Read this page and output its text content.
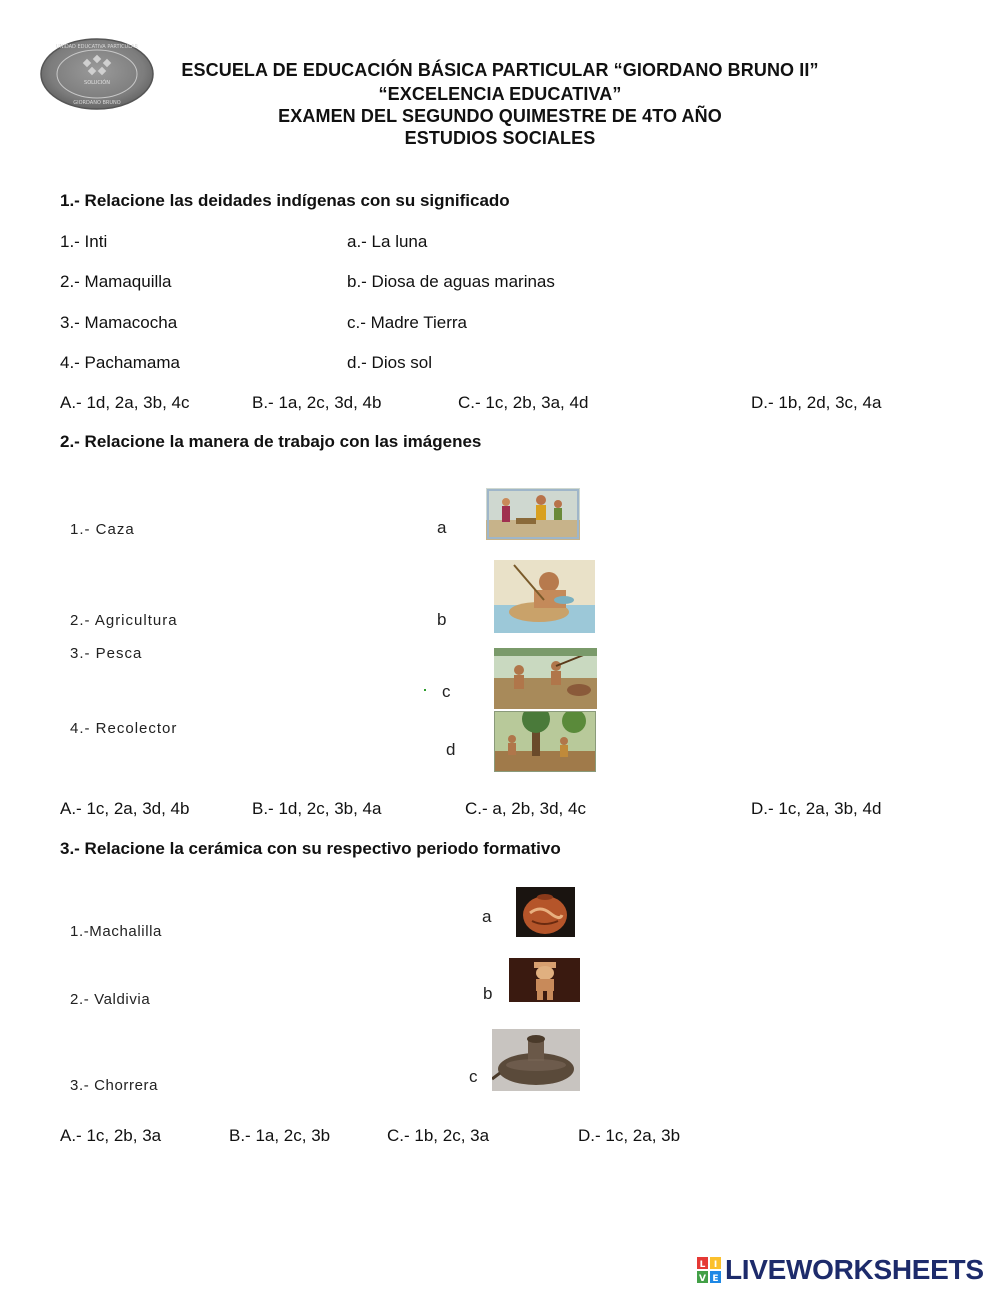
SOLUCIÓN
UNIDAD EDUCATIVA PARTICULAR
GIORDANO BRUNO
ESCUELA DE EDUCACIÓN BÁSICA PARTICULAR “GIORDANO BRUNO II”
“EXCELENCIA EDUCATIVA”
EXAMEN DEL SEGUNDO QUIMESTRE DE 4TO AÑO
ESTUDIOS SOCIALES
1.- Relacione las deidades indígenas con su significado
1.- Inti	a.- La luna
2.- Mamaquilla	b.- Diosa de aguas marinas
3.- Mamacocha	c.- Madre Tierra
4.- Pachamama	d.- Dios sol
A.- 1d, 2a, 3b, 4c	B.- 1a, 2c, 3d, 4b	C.- 1c, 2b, 3a, 4d	D.- 1b, 2d, 3c, 4a
2.- Relacione la manera de trabajo con las imágenes
1.- Caza
2.- Agricultura
3.- Pesca
4.- Recolector
a
b
c
d
A.- 1c, 2a, 3d, 4b	B.- 1d, 2c, 3b, 4a	C.- a, 2b, 3d, 4c	D.- 1c, 2a, 3b, 4d
3.- Relacione la cerámica con su respectivo periodo formativo
1.-Machalilla
2.- Valdivia
3.- Chorrera
a
b
c
A.- 1c, 2b, 3a	B.- 1a, 2c, 3b	C.- 1b, 2c, 3a	D.- 1c, 2a, 3b
L I
V E LIVEWORKSHEETS
